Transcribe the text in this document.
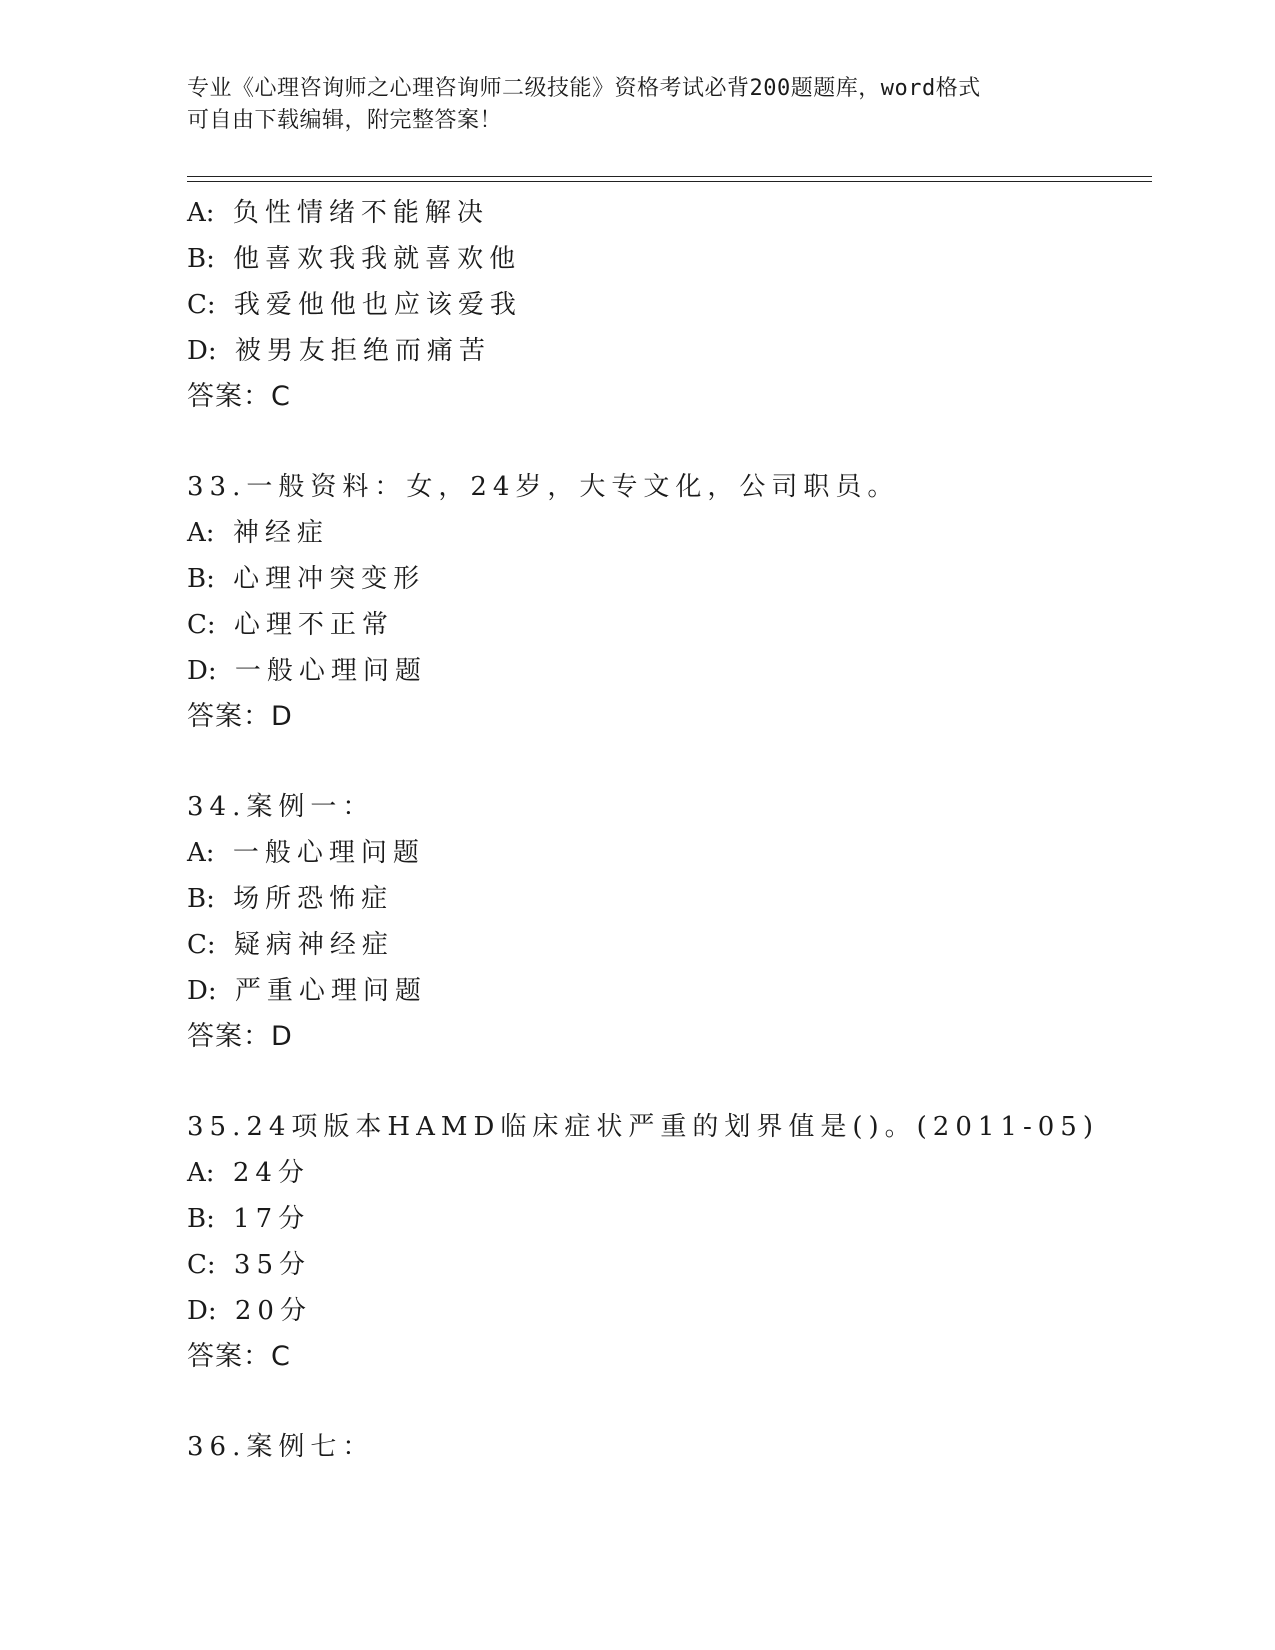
专业《心理咨询师之心理咨询师二级技能》资格考试必背200题题库，word格式
可自由下载编辑，附完整答案！
A: 负性情绪不能解决
B: 他喜欢我我就喜欢他
C: 我爱他他也应该爱我
D: 被男友拒绝而痛苦
答案：C
33.一般资料：女，24岁，大专文化，公司职员。
A: 神经症
B: 心理冲突变形
C: 心理不正常
D: 一般心理问题
答案：D
34.案例一：
A: 一般心理问题
B: 场所恐怖症
C: 疑病神经症
D: 严重心理问题
答案：D
35.24项版本HAMD临床症状严重的划界值是()。(2011-05)
A: 24分
B: 17分
C: 35分
D: 20分
答案：C
36.案例七：
